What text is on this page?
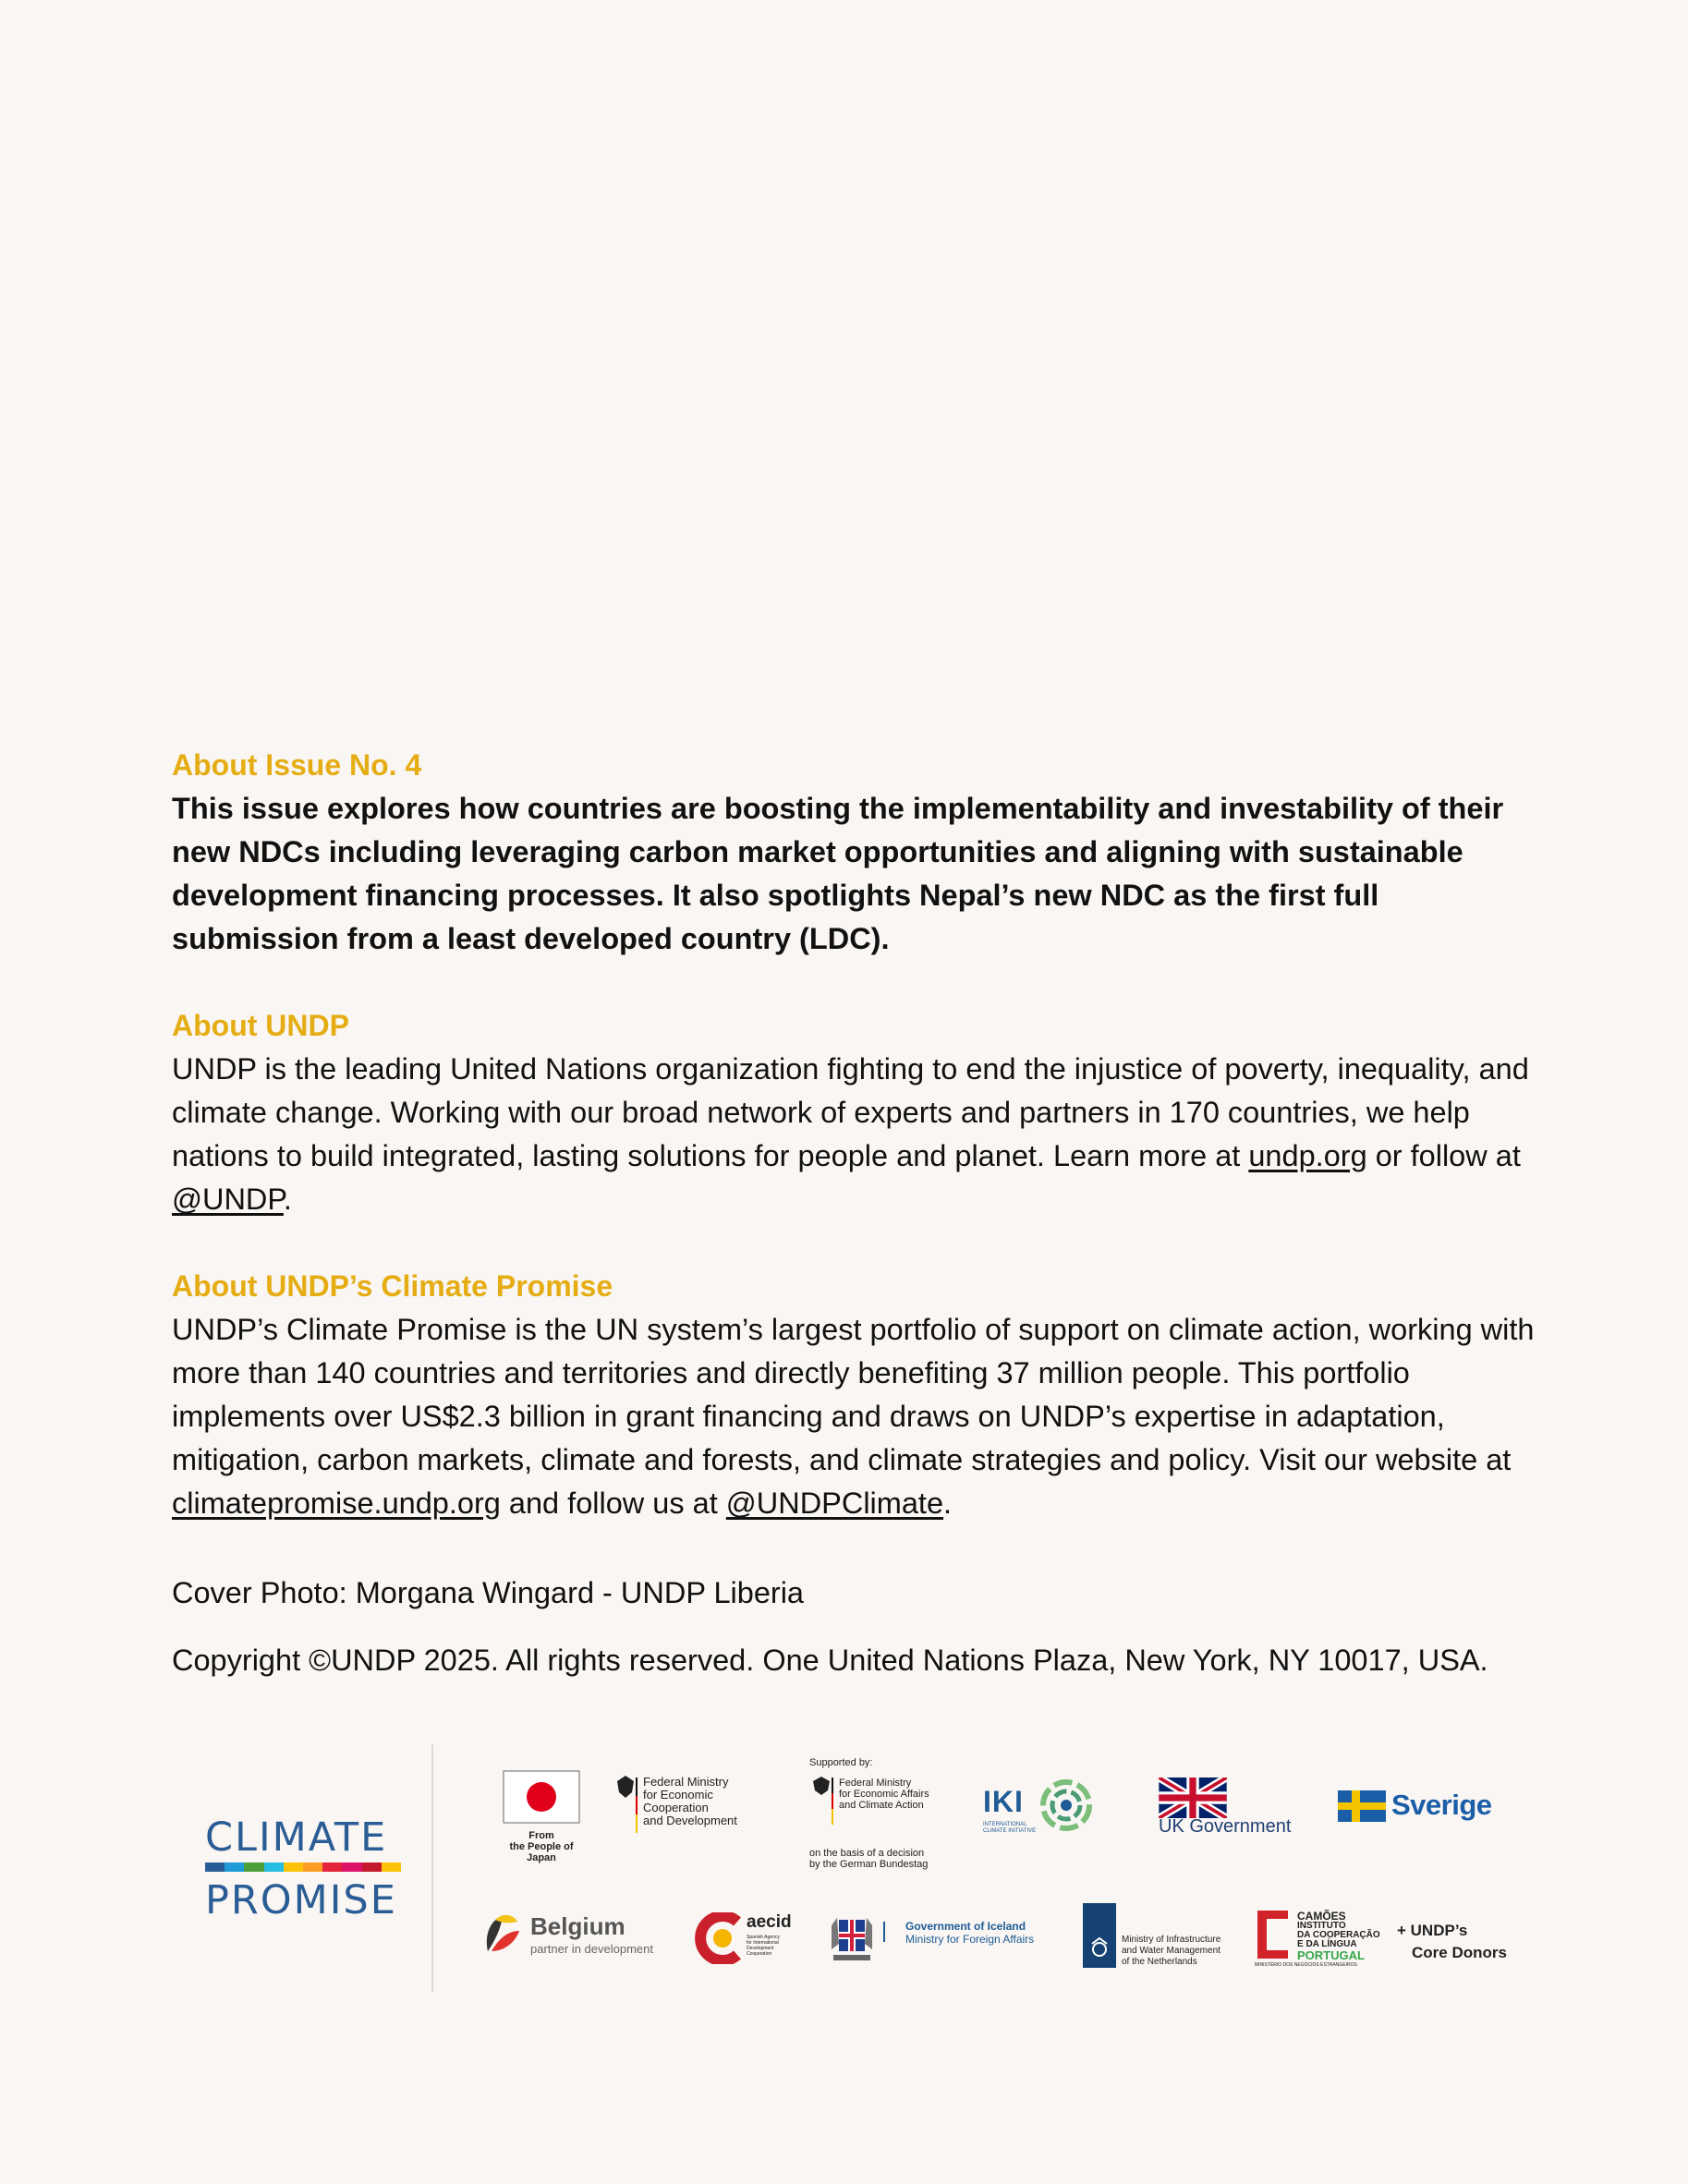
About Issue No. 4

This issue explores how countries are boosting the implementability and investability of their new NDCs including leveraging carbon market opportunities and aligning with sustainable development financing processes. It also spotlights Nepal’s new NDC as the first full submission from a least developed country (LDC).

About UNDP

UNDP is the leading United Nations organization fighting to end the injustice of poverty, inequality, and climate change. Working with our broad network of experts and partners in 170 countries, we help nations to build integrated, lasting solutions for people and planet. Learn more at undp.org or follow at @UNDP.

About UNDP’s Climate Promise

UNDP’s Climate Promise is the UN system’s largest portfolio of support on climate action, working with more than 140 countries and territories and directly benefiting 37 million people. This portfolio implements over US$2.3 billion in grant financing and draws on UNDP’s expertise in adaptation, mitigation, carbon markets, climate and forests, and climate strategies and policy. Visit our website at climatepromise.undp.org and follow us at @UNDPClimate.

Cover Photo: Morgana Wingard - UNDP Liberia

Copyright ©UNDP 2025. All rights reserved. One United Nations Plaza, New York, NY 10017, USA.

CLIMATE
PROMISE
From
the People of Japan
Federal Ministry
for Economic Cooperation
and Development
Supported by:
Federal Ministry
for Economic Affairs
and Climate Action
on the basis of a decision
by the German Bundestag
IKI
INTERNATIONAL
CLIMATE INITIATIVE	UK Government
Sverige
Belgium
partner in development
aecid
Spanish Agency
for International
Development
Cooperation
Government of Iceland
Ministry for Foreign Affairs	Ministry of Infrastructure
and Water Management
of the Netherlands
CAMÕES
INSTITUTO
DA COOPERAÇÃO
E DA LÍNGUA
PORTUGAL
MINISTÉRIO DOS NEGÓCIOS ESTRANGEIROS
+ UNDP’s
Core Donors
